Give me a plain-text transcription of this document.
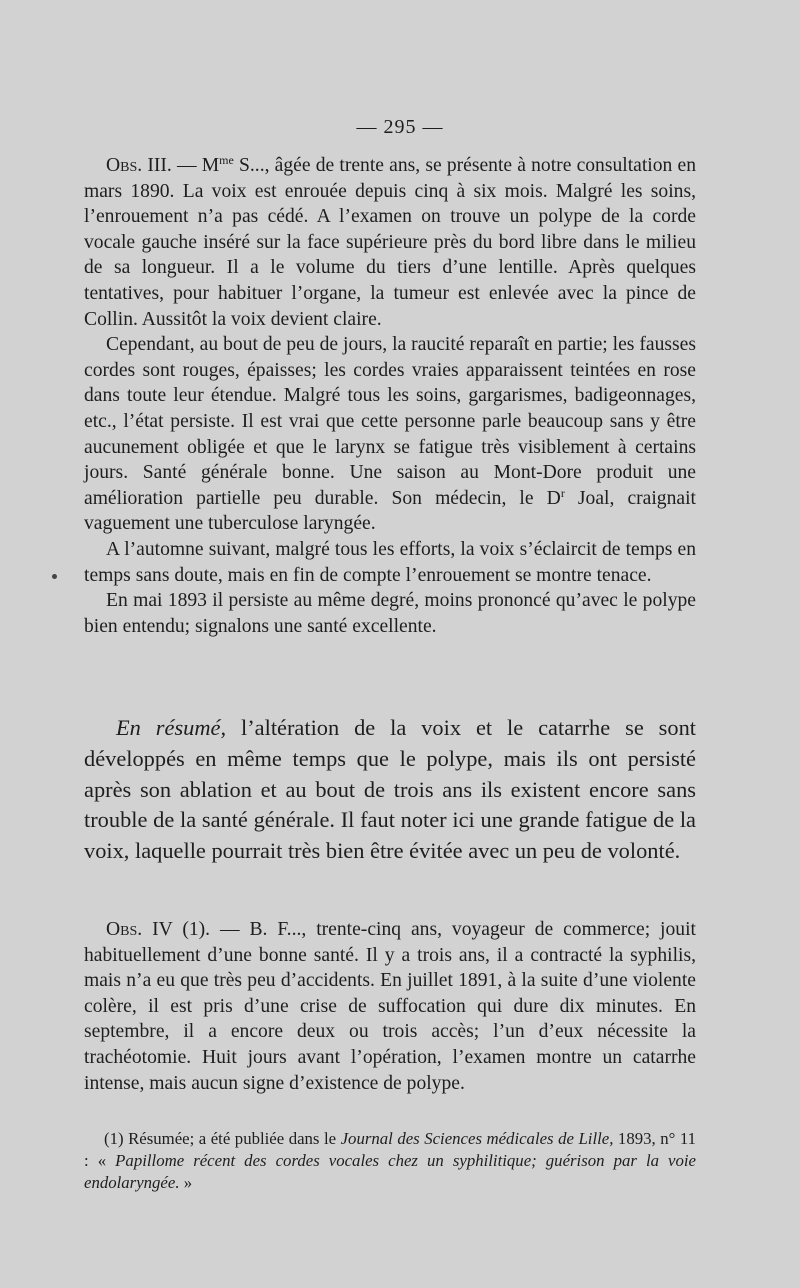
— 295 —

Obs. III. — $M^{me}$ S..., âgée de trente ans, se présente à notre consultation en mars 1890. La voix est enrouée depuis cinq à six mois. Malgré les soins, l’enrouement n’a pas cédé. A l’examen on trouve un polype de la corde vocale gauche inséré sur la face supérieure près du bord libre dans le milieu de sa longueur. Il a le volume du tiers d’une lentille. Après quelques tentatives, pour habituer l’organe, la tumeur est enlevée avec la pince de Collin. Aussitôt la voix devient claire.

Cependant, au bout de peu de jours, la raucité reparaît en partie; les fausses cordes sont rouges, épaisses; les cordes vraies apparaissent teintées en rose dans toute leur étendue. Malgré tous les soins, gargarismes, badigeonnages, etc., l’état persiste. Il est vrai que cette personne parle beaucoup sans y être aucunement obligée et que le larynx se fatigue très visiblement à certains jours. Santé générale bonne. Une saison au Mont-Dore produit une amélioration partielle peu durable. Son médecin, le $D^r$ Joal, craignait vaguement une tuberculose laryngée.

A l’automne suivant, malgré tous les efforts, la voix s’éclaircit de temps en temps sans doute, mais en fin de compte l’enrouement se montre tenace.

En mai 1893 il persiste au même degré, moins prononcé qu’avec le polype bien entendu; signalons une santé excellente.

En résumé, l’altération de la voix et le catarrhe se sont développés en même temps que le polype, mais ils ont persisté après son ablation et au bout de trois ans ils existent encore sans trouble de la santé générale. Il faut noter ici une grande fatigue de la voix, laquelle pourrait très bien être évitée avec un peu de volonté.

Obs. IV (1). — B. F..., trente-cinq ans, voyageur de commerce; jouit habituellement d’une bonne santé. Il y a trois ans, il a contracté la syphilis, mais n’a eu que très peu d’accidents. En juillet 1891, à la suite d’une violente colère, il est pris d’une crise de suffocation qui dure dix minutes. En septembre, il a encore deux ou trois accès; l’un d’eux nécessite la trachéotomie. Huit jours avant l’opération, l’examen montre un catarrhe intense, mais aucun signe d’existence de polype.

(1) Résumée; a été publiée dans le Journal des Sciences médicales de Lille, 1893, n° 11 : « Papillome récent des cordes vocales chez un syphilitique; guérison par la voie endolaryngée. »
